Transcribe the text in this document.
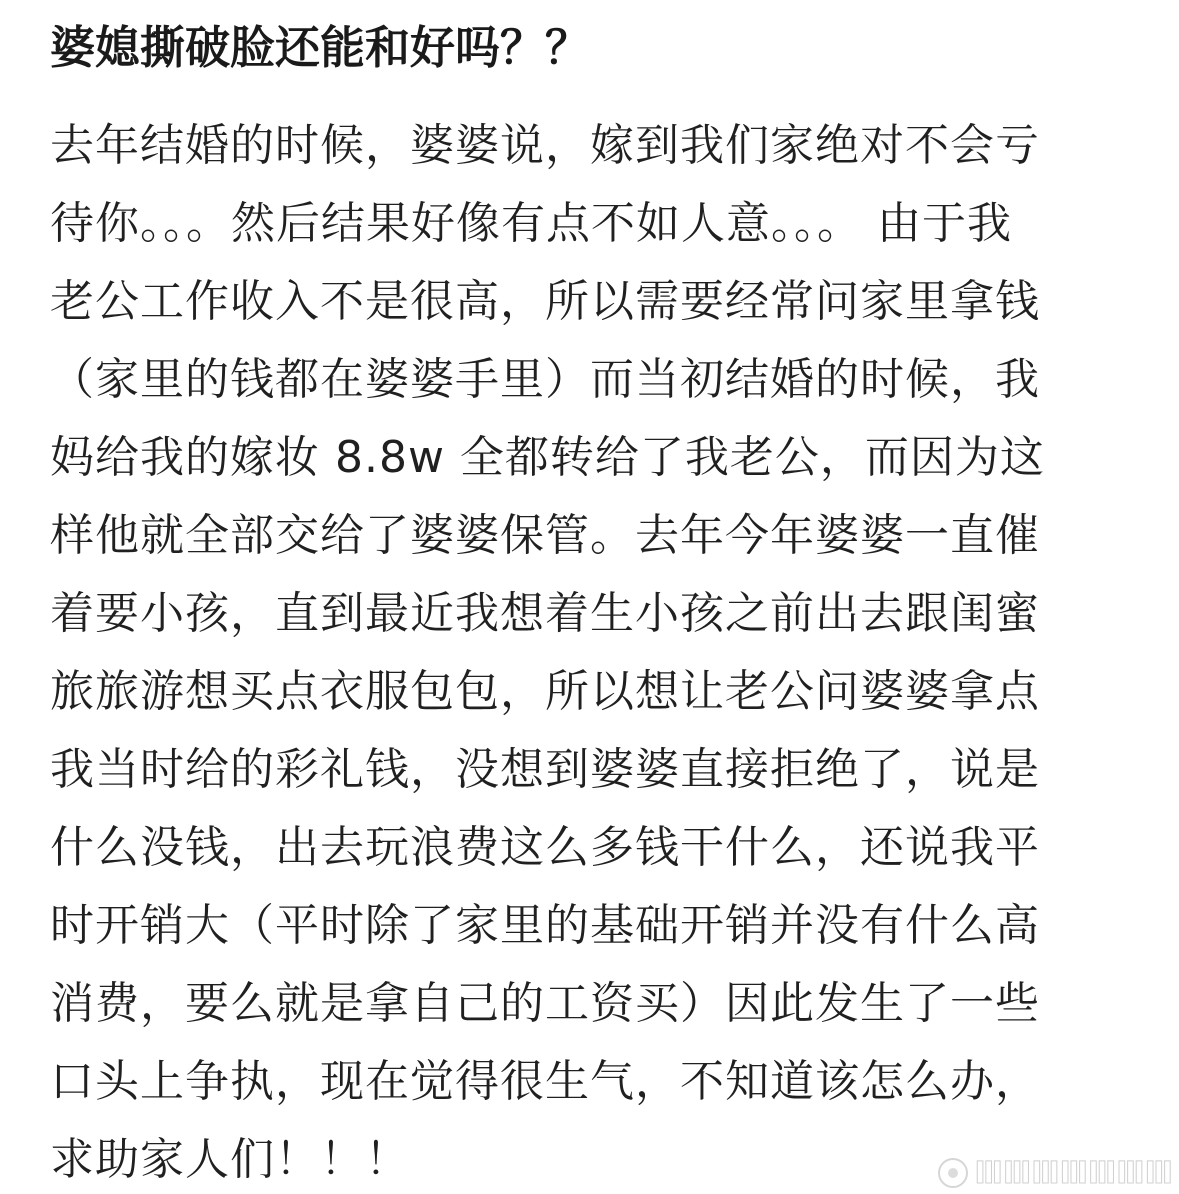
婆媳撕破脸还能和好吗？？
去年结婚的时候，婆婆说，嫁到我们家绝对不会亏
待你。。。然后结果好像有点不如人意。。。 由于我
老公工作收入不是很高，所以需要经常问家里拿钱
（家里的钱都在婆婆手里）而当初结婚的时候，我
妈给我的嫁妆 8.8w 全都转给了我老公，而因为这
样他就全部交给了婆婆保管。去年今年婆婆一直催
着要小孩，直到最近我想着生小孩之前出去跟闺蜜
旅旅游想买点衣服包包，所以想让老公问婆婆拿点
我当时给的彩礼钱，没想到婆婆直接拒绝了，说是
什么没钱，出去玩浪费这么多钱干什么，还说我平
时开销大（平时除了家里的基础开销并没有什么高
消费，要么就是拿自己的工资买）因此发生了一些
口头上争执，现在觉得很生气，不知道该怎么办，
求助家人们！！！	ⅢⅢⅢⅢⅢⅢⅢ
